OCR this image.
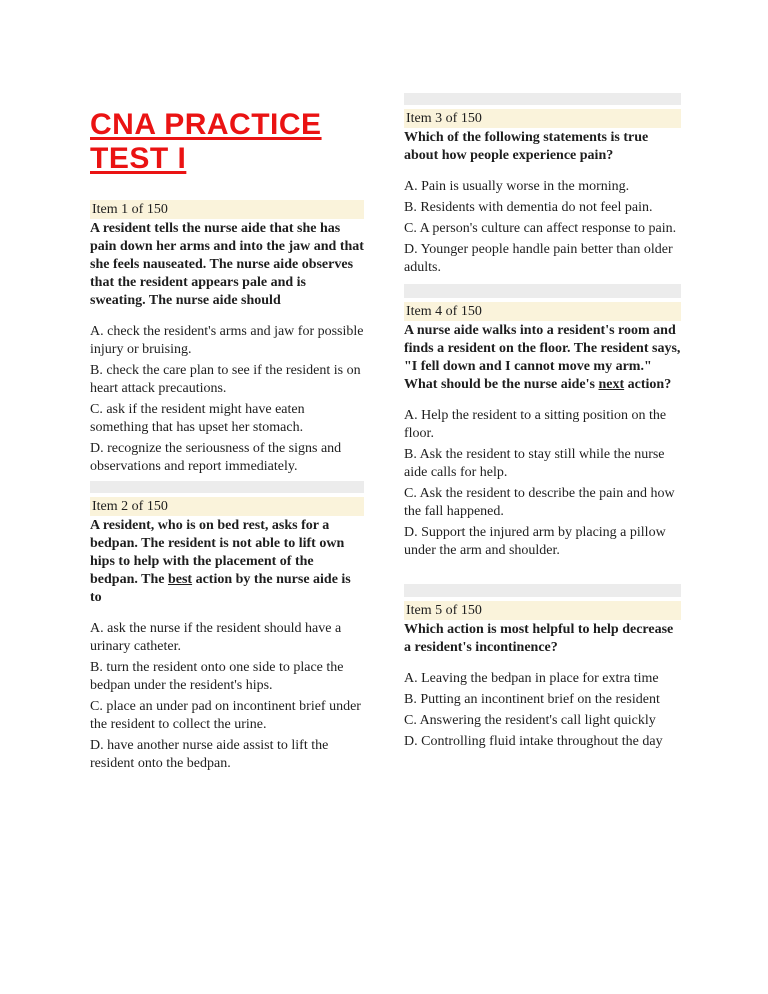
CNA PRACTICE TEST I
Item 1 of 150

A resident tells the nurse aide that she has pain down her arms and into the jaw and that she feels nauseated. The nurse aide observes that the resident appears pale and is sweating. The nurse aide should

A. check the resident's arms and jaw for possible injury or bruising.

B. check the care plan to see if the resident is on heart attack precautions.

C. ask if the resident might have eaten something that has upset her stomach.

D. recognize the seriousness of the signs and observations and report immediately.

Item 2 of 150

A resident, who is on bed rest, asks for a bedpan. The resident is not able to lift own hips to help with the placement of the bedpan. The best action by the nurse aide is to

A. ask the nurse if the resident should have a urinary catheter.

B. turn the resident onto one side to place the bedpan under the resident's hips.

C. place an under pad on incontinent brief under the resident to collect the urine.

D. have another nurse aide assist to lift the resident onto the bedpan.

Item 3 of 150

Which of the following statements is true about how people experience pain?

A. Pain is usually worse in the morning.

B. Residents with dementia do not feel pain.

C. A person's culture can affect response to pain.

D. Younger people handle pain better than older adults.

Item 4 of 150

A nurse aide walks into a resident's room and finds a resident on the floor. The resident says, "I fell down and I cannot move my arm." What should be the nurse aide's next action?

A. Help the resident to a sitting position on the floor.

B. Ask the resident to stay still while the nurse aide calls for help.

C. Ask the resident to describe the pain and how the fall happened.

D. Support the injured arm by placing a pillow under the arm and shoulder.

Item 5 of 150

Which action is most helpful to help decrease a resident's incontinence?

A. Leaving the bedpan in place for extra time

B. Putting an incontinent brief on the resident

C. Answering the resident's call light quickly

D. Controlling fluid intake throughout the day
